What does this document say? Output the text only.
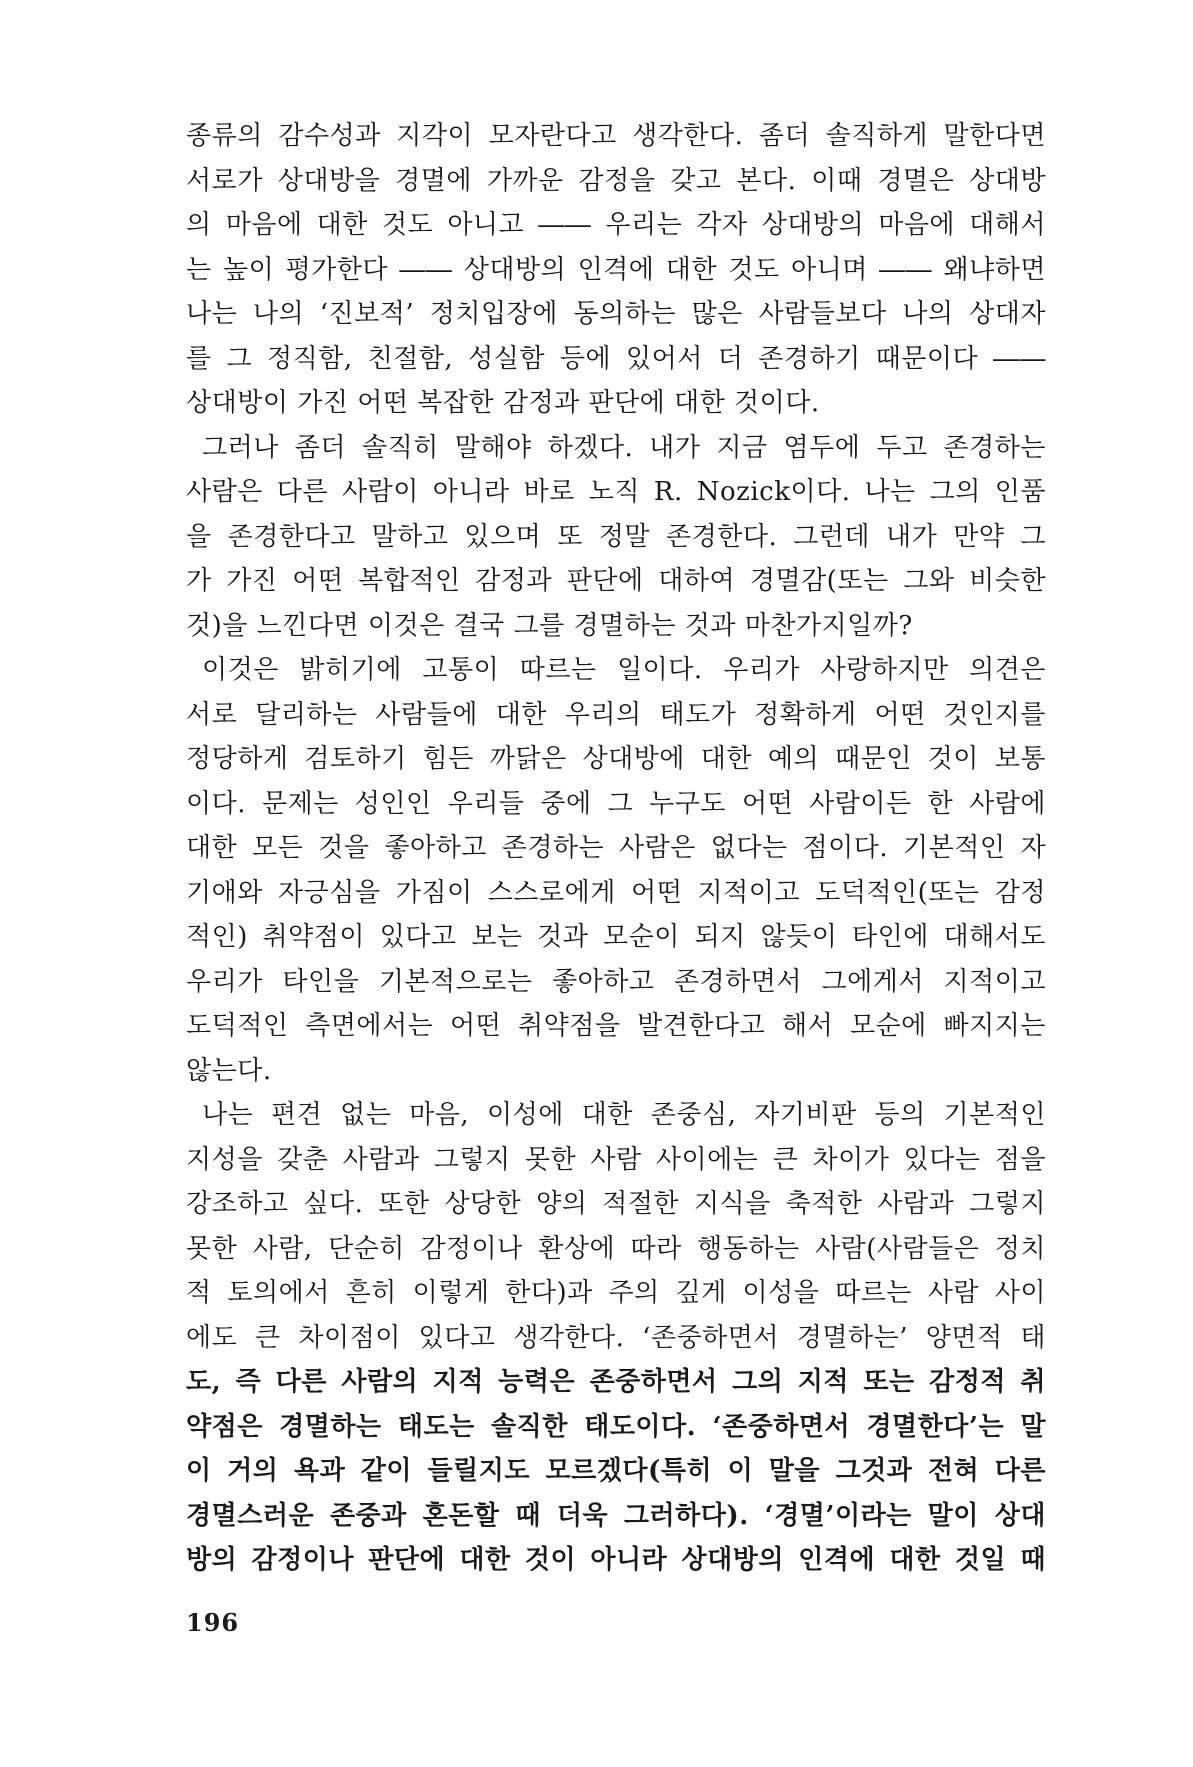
종류의 감수성과 지각이 모자란다고 생각한다. 좀더 솔직하게 말한다면
서로가 상대방을 경멸에 가까운 감정을 갖고 본다. 이때 경멸은 상대방
의 마음에 대한 것도 아니고 ―― 우리는 각자 상대방의 마음에 대해서
는 높이 평가한다 ―― 상대방의 인격에 대한 것도 아니며 ―― 왜냐하면
나는 나의 ‘진보적’ 정치입장에 동의하는 많은 사람들보다 나의 상대자
를 그 정직함, 친절함, 성실함 등에 있어서 더 존경하기 때문이다 ――
상대방이 가진 어떤 복잡한 감정과 판단에 대한 것이다.
그러나 좀더 솔직히 말해야 하겠다. 내가 지금 염두에 두고 존경하는
사람은 다른 사람이 아니라 바로 노직 R. Nozick이다. 나는 그의 인품
을 존경한다고 말하고 있으며 또 정말 존경한다. 그런데 내가 만약 그
가 가진 어떤 복합적인 감정과 판단에 대하여 경멸감(또는 그와 비슷한
것)을 느낀다면 이것은 결국 그를 경멸하는 것과 마찬가지일까?
이것은 밝히기에 고통이 따르는 일이다. 우리가 사랑하지만 의견은
서로 달리하는 사람들에 대한 우리의 태도가 정확하게 어떤 것인지를
정당하게 검토하기 힘든 까닭은 상대방에 대한 예의 때문인 것이 보통
이다. 문제는 성인인 우리들 중에 그 누구도 어떤 사람이든 한 사람에
대한 모든 것을 좋아하고 존경하는 사람은 없다는 점이다. 기본적인 자
기애와 자긍심을 가짐이 스스로에게 어떤 지적이고 도덕적인(또는 감정
적인) 취약점이 있다고 보는 것과 모순이 되지 않듯이 타인에 대해서도
우리가 타인을 기본적으로는 좋아하고 존경하면서 그에게서 지적이고
도덕적인 측면에서는 어떤 취약점을 발견한다고 해서 모순에 빠지지는
않는다.
나는 편견 없는 마음, 이성에 대한 존중심, 자기비판 등의 기본적인
지성을 갖춘 사람과 그렇지 못한 사람 사이에는 큰 차이가 있다는 점을
강조하고 싶다. 또한 상당한 양의 적절한 지식을 축적한 사람과 그렇지
못한 사람, 단순히 감정이나 환상에 따라 행동하는 사람(사람들은 정치
적 토의에서 흔히 이렇게 한다)과 주의 깊게 이성을 따르는 사람 사이
에도 큰 차이점이 있다고 생각한다. ‘존중하면서 경멸하는’ 양면적 태
도, 즉 다른 사람의 지적 능력은 존중하면서 그의 지적 또는 감정적 취
약점은 경멸하는 태도는 솔직한 태도이다. ‘존중하면서 경멸한다’는 말
이 거의 욕과 같이 들릴지도 모르겠다(특히 이 말을 그것과 전혀 다른
경멸스러운 존중과 혼돈할 때 더욱 그러하다). ‘경멸’이라는 말이 상대
방의 감정이나 판단에 대한 것이 아니라 상대방의 인격에 대한 것일 때
196
